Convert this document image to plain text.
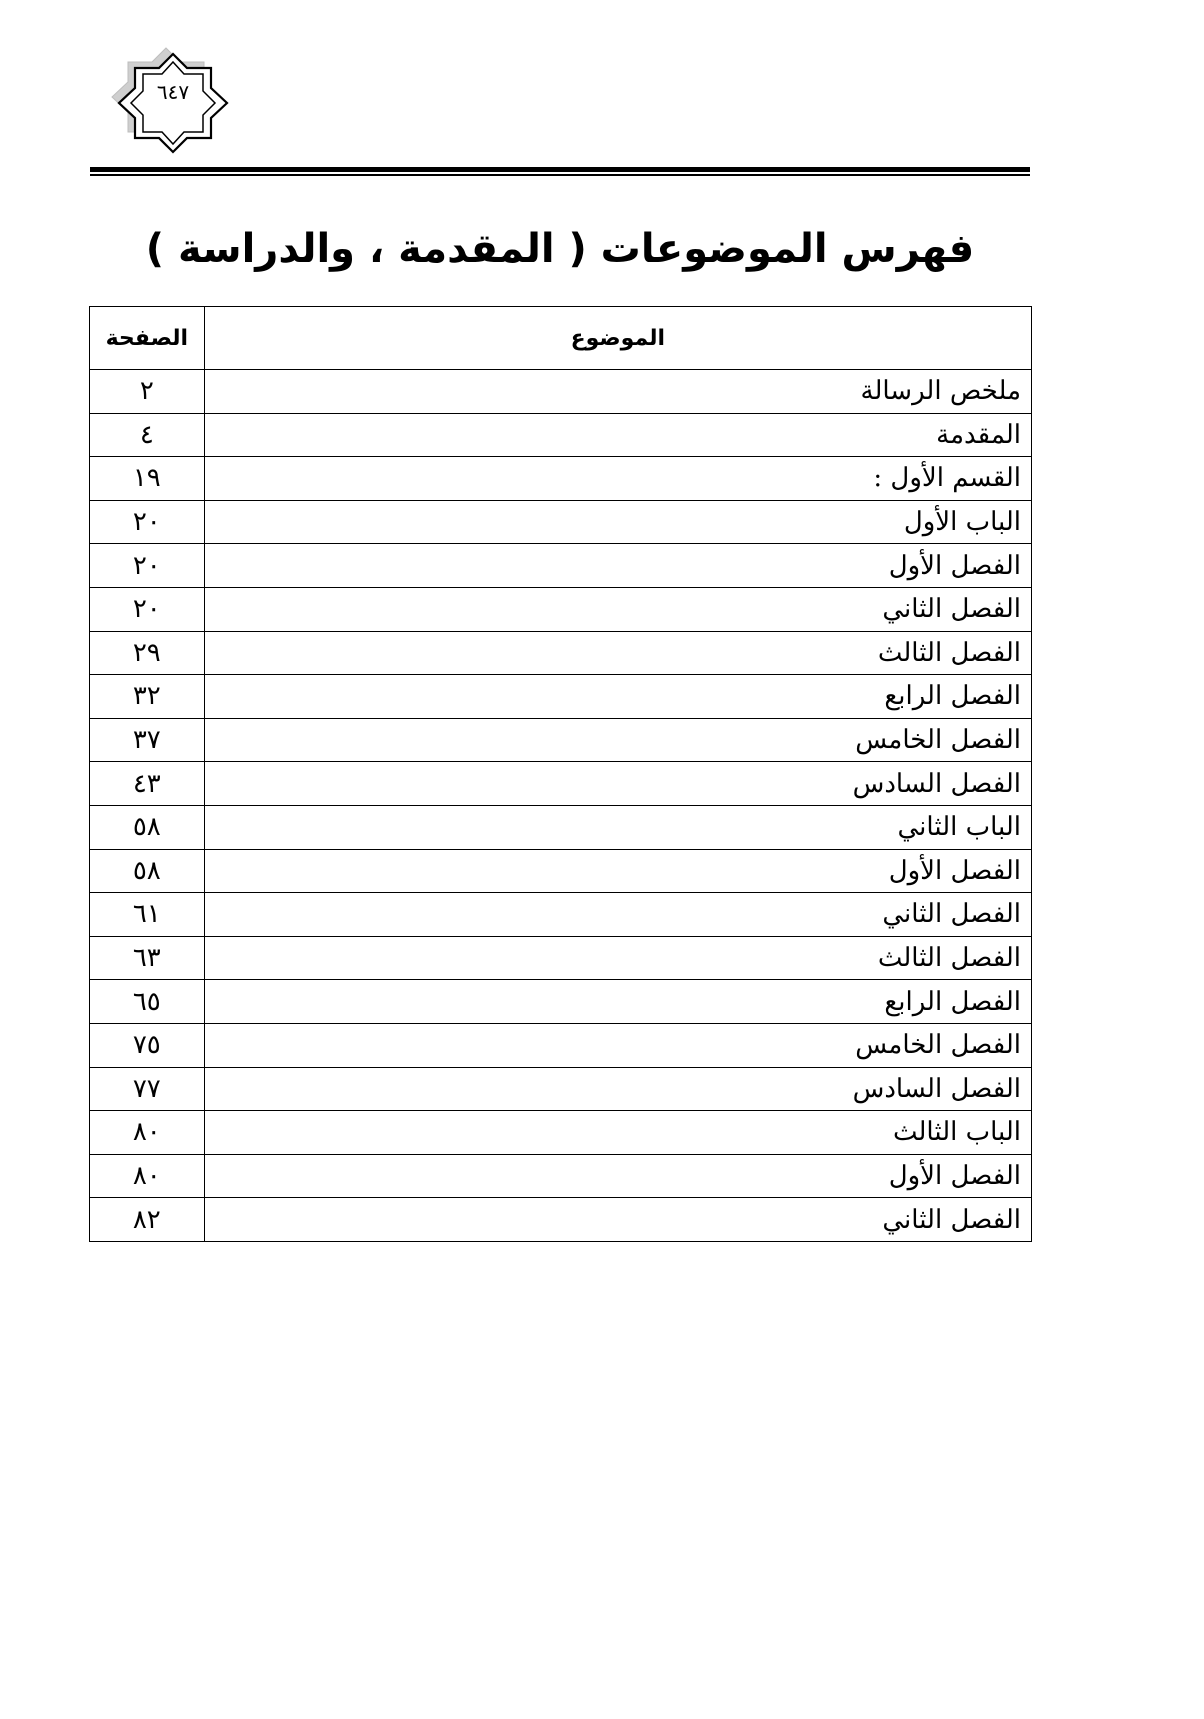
٦٤٧
فهرس الموضوعات ( المقدمة ، والدراسة )
الموضوع	الصفحة
ملخص الرسالة	٢
المقدمة	٤
القسم الأول :	١٩
الباب الأول	٢٠
الفصل الأول	٢٠
الفصل الثاني	٢٠
الفصل الثالث	٢٩
الفصل الرابع	٣٢
الفصل الخامس	٣٧
الفصل السادس	٤٣
الباب الثاني	٥٨
الفصل الأول	٥٨
الفصل الثاني	٦١
الفصل الثالث	٦٣
الفصل الرابع	٦٥
الفصل الخامس	٧٥
الفصل السادس	٧٧
الباب الثالث	٨٠
الفصل الأول	٨٠
الفصل الثاني	٨٢
